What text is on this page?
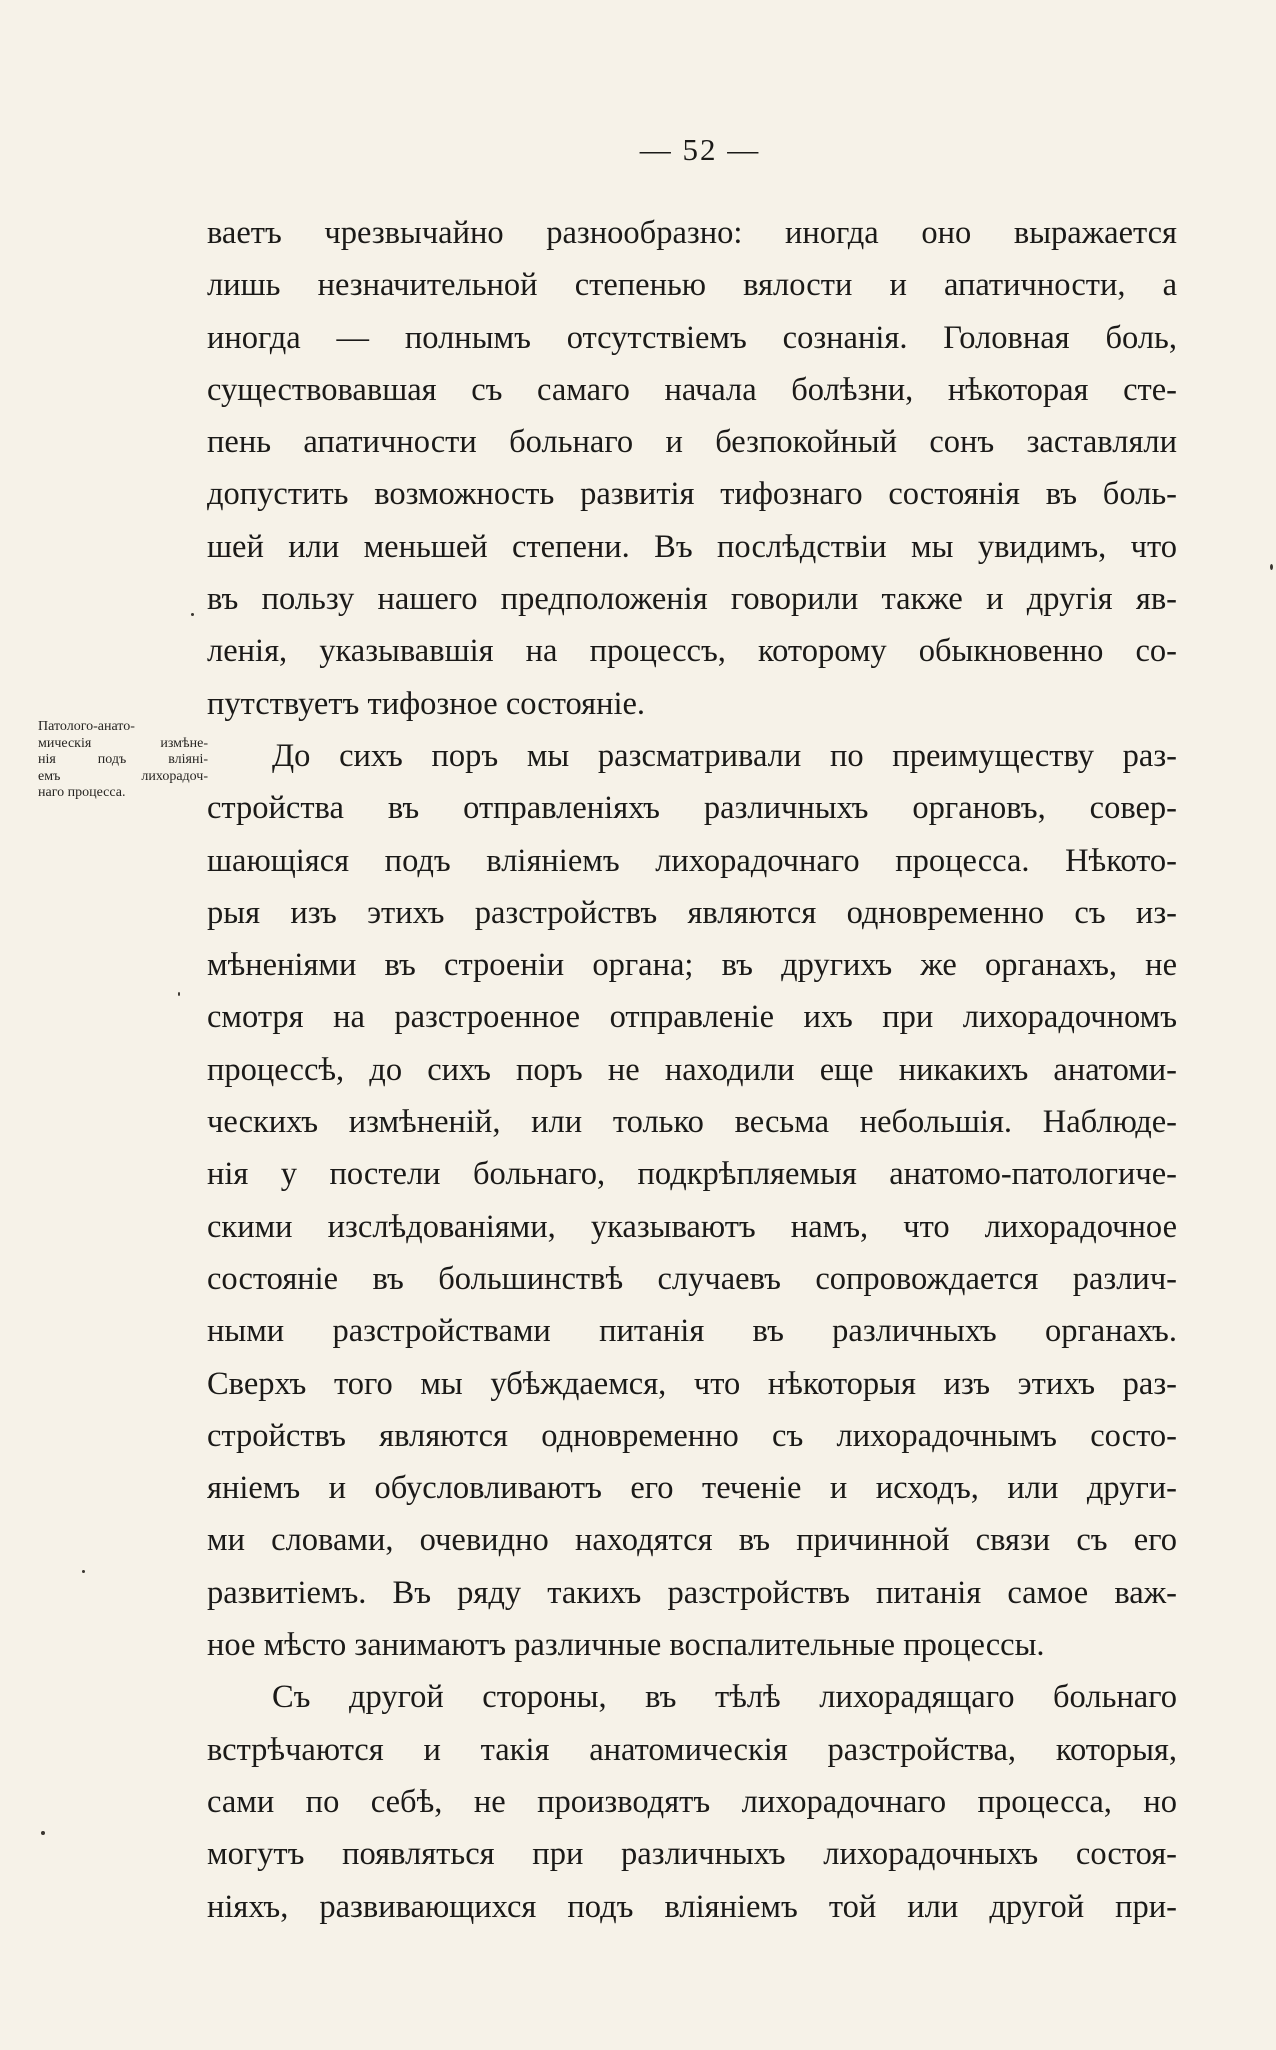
— 52 —
Патолого-анато-
мическія измѣне-
нія подъ вліяні-
емъ лихорадоч-
наго процесса.
ваетъ чрезвычайно разнообразно: иногда оно выражается
лишь незначительной степенью вялости и апатичности, а
иногда — полнымъ отсутствіемъ сознанія. Головная боль,
существовавшая съ самаго начала болѣзни, нѣкоторая сте-
пень апатичности больнаго и безпокойный сонъ заставляли
допустить возможность развитія тифознаго состоянія въ боль-
шей или меньшей степени. Въ послѣдствіи мы увидимъ, что
въ пользу нашего предположенія говорили также и другія яв-
ленія, указывавшія на процессъ, которому обыкновенно со-
путствуетъ тифозное состояніе.
До сихъ поръ мы разсматривали по преимуществу раз-
стройства въ отправленіяхъ различныхъ органовъ, совер-
шающіяся подъ вліяніемъ лихорадочнаго процесса. Нѣкото-
рыя изъ этихъ разстройствъ являются одновременно съ из-
мѣненіями въ строеніи органа; въ другихъ же органахъ, не
смотря на разстроенное отправленіе ихъ при лихорадочномъ
процессѣ, до сихъ поръ не находили еще никакихъ анатоми-
ческихъ измѣненій, или только весьма небольшія. Наблюде-
нія у постели больнаго, подкрѣпляемыя анатомо-патологиче-
скими изслѣдованіями, указываютъ намъ, что лихорадочное
состояніе въ большинствѣ случаевъ сопровождается различ-
ными разстройствами питанія въ различныхъ органахъ.
Сверхъ того мы убѣждаемся, что нѣкоторыя изъ этихъ раз-
стройствъ являются одновременно съ лихорадочнымъ состо-
яніемъ и обусловливаютъ его теченіе и исходъ, или други-
ми словами, очевидно находятся въ причинной связи съ его
развитіемъ. Въ ряду такихъ разстройствъ питанія самое важ-
ное мѣсто занимаютъ различные воспалительные процессы.
Съ другой стороны, въ тѣлѣ лихорадящаго больнаго
встрѣчаются и такія анатомическія разстройства, которыя,
сами по себѣ, не производятъ лихорадочнаго процесса, но
могутъ появляться при различныхъ лихорадочныхъ состоя-
ніяхъ, развивающихся подъ вліяніемъ той или другой при-
